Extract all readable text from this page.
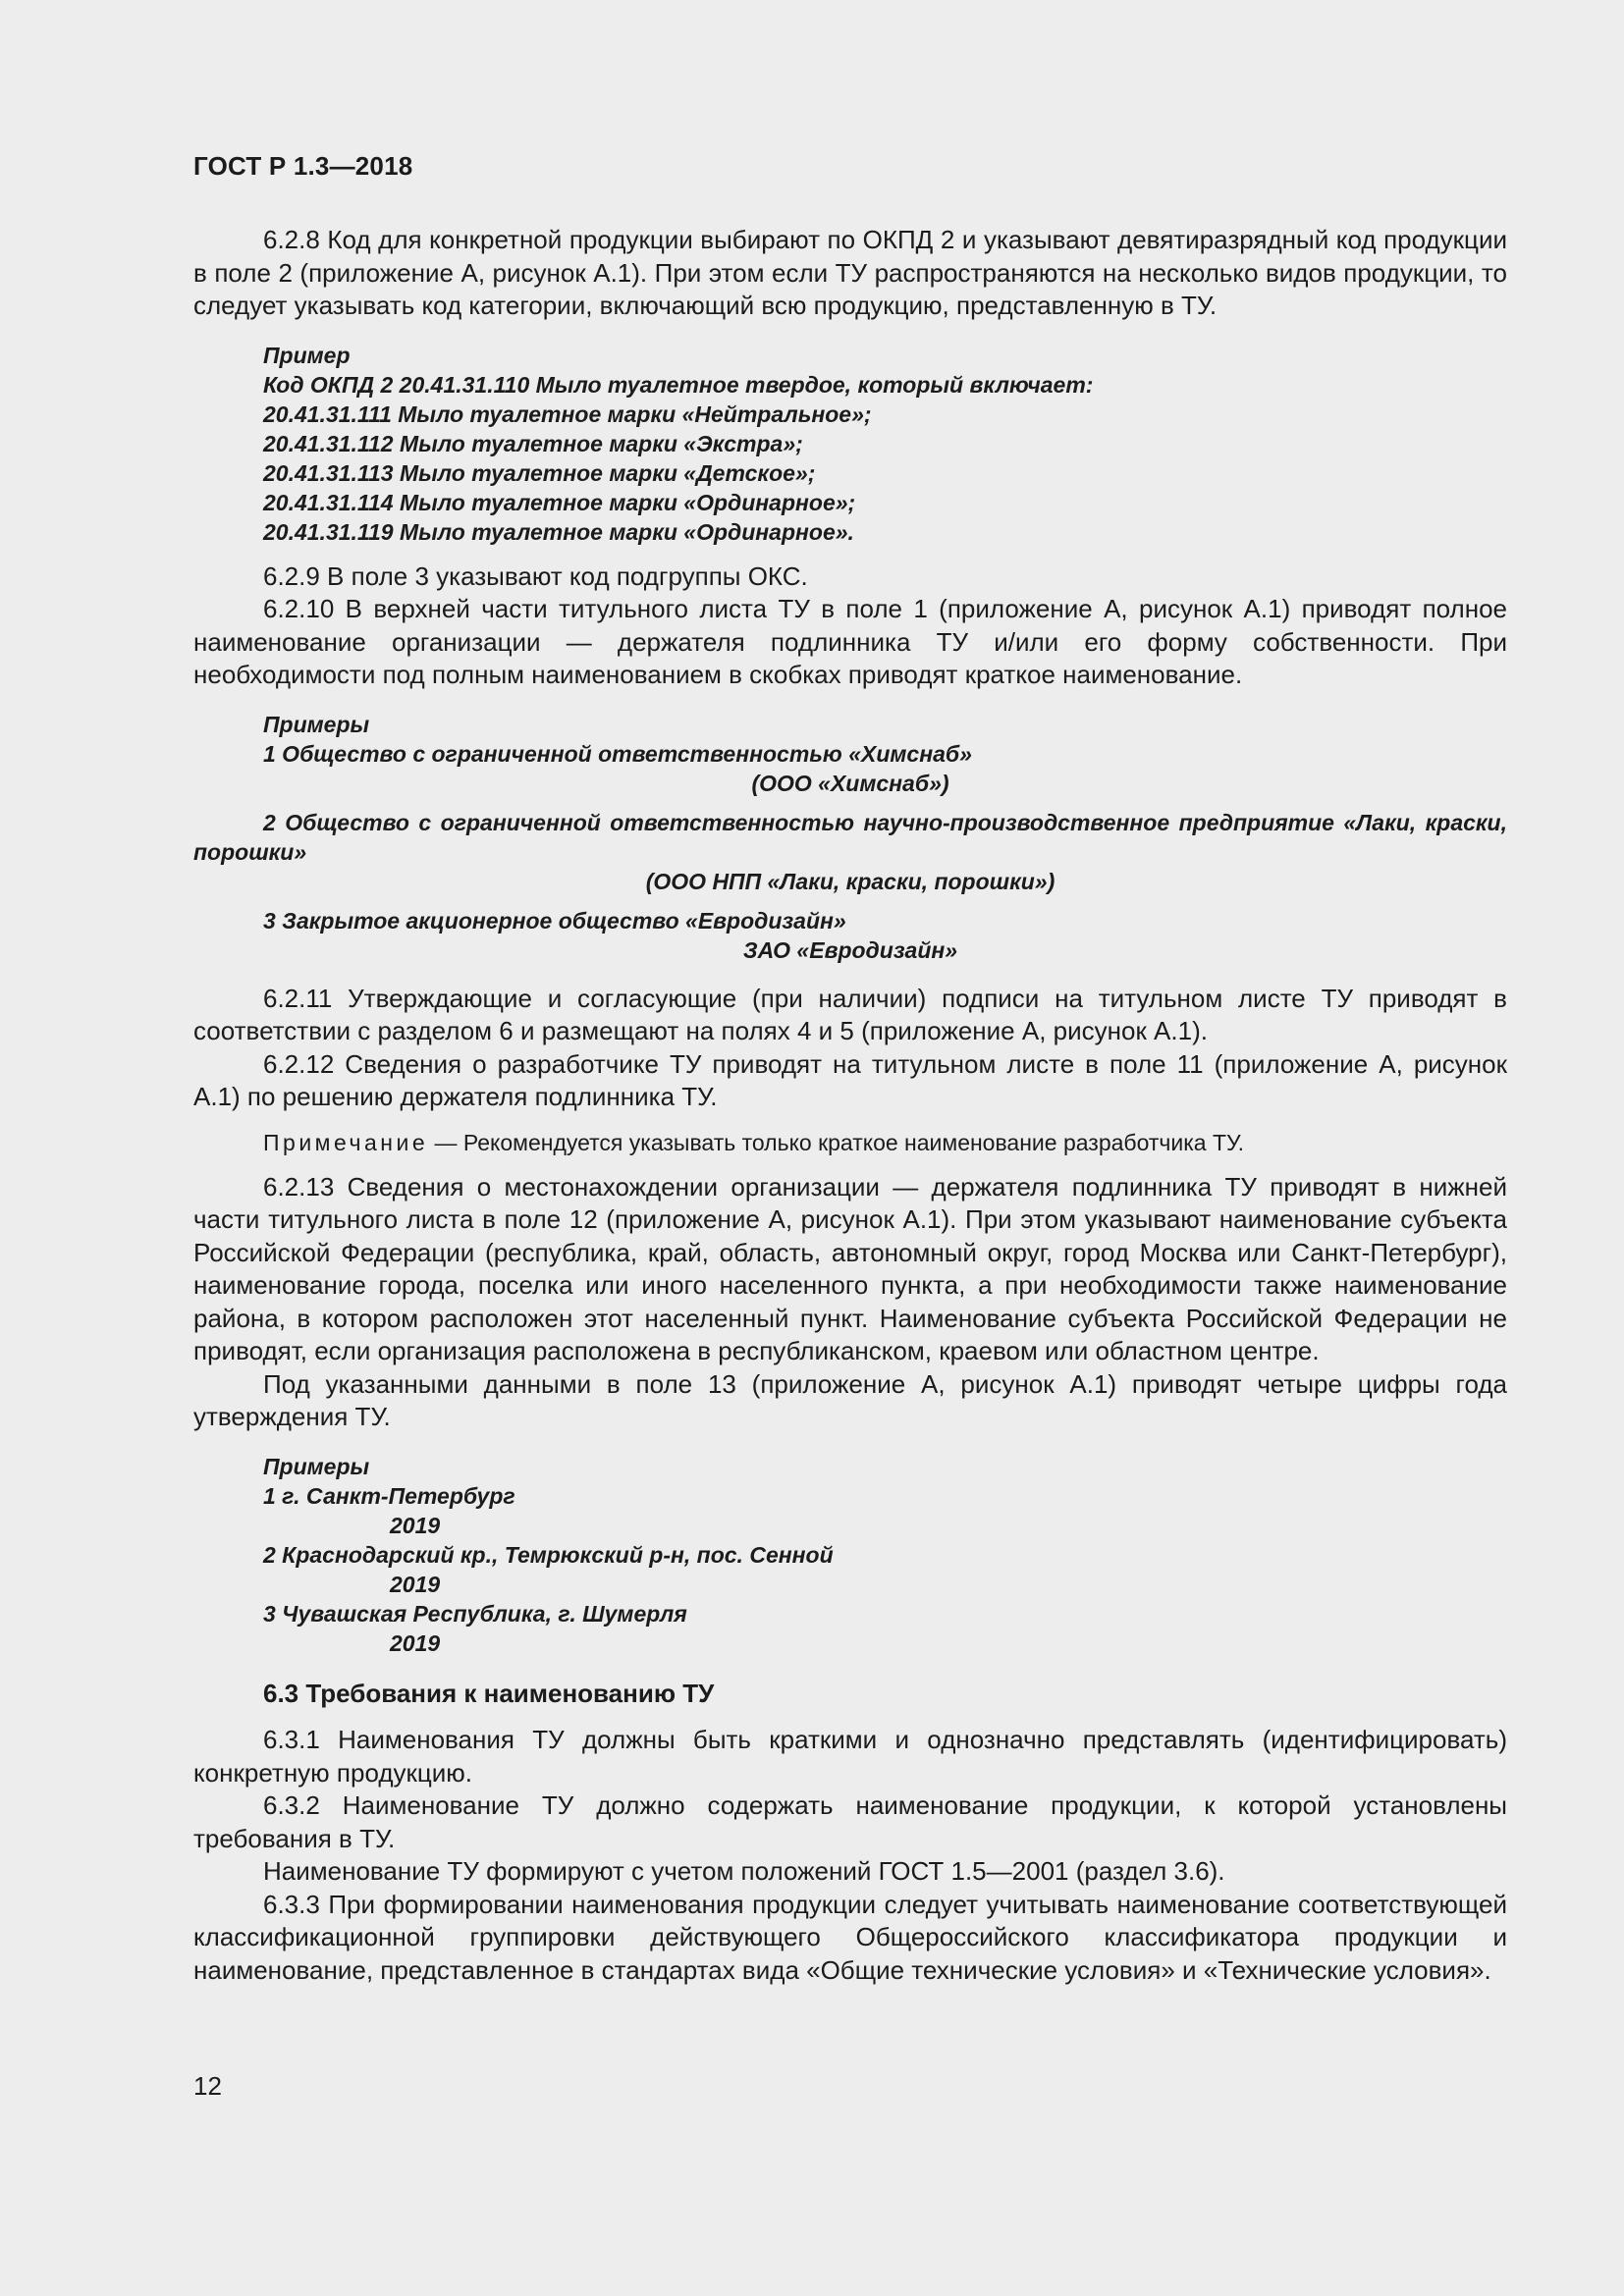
ГОСТ Р 1.3—2018

6.2.8 Код для конкретной продукции выбирают по ОКПД 2 и указывают девятиразрядный код продукции в поле 2 (приложение А, рисунок А.1). При этом если ТУ распространяются на несколько видов продукции, то следует указывать код категории, включающий всю продукцию, представленную в ТУ.

Пример

Код ОКПД 2 20.41.31.110 Мыло туалетное твердое, который включает:

20.41.31.111 Мыло туалетное марки «Нейтральное»;

20.41.31.112 Мыло туалетное марки «Экстра»;

20.41.31.113 Мыло туалетное марки «Детское»;

20.41.31.114 Мыло туалетное марки «Ординарное»;

20.41.31.119 Мыло туалетное марки «Ординарное».

6.2.9 В поле 3 указывают код подгруппы ОКС.

6.2.10 В верхней части титульного листа ТУ в поле 1 (приложение А, рисунок А.1) приводят полное наименование организации — держателя подлинника ТУ и/или его форму собственности. При необходимости под полным наименованием в скобках приводят краткое наименование.

Примеры

1 Общество с ограниченной ответственностью «Химснаб»

(ООО «Химснаб»)

2 Общество с ограниченной ответственностью научно-производственное предприятие «Лаки, краски, порошки»

(ООО НПП «Лаки, краски, порошки»)

3 Закрытое акционерное общество «Евродизайн»

ЗАО «Евродизайн»

6.2.11 Утверждающие и согласующие (при наличии) подписи на титульном листе ТУ приводят в соответствии с разделом 6 и размещают на полях 4 и 5 (приложение А, рисунок А.1).

6.2.12 Сведения о разработчике ТУ приводят на титульном листе в поле 11 (приложение А, рисунок А.1) по решению держателя подлинника ТУ.

Примечание — Рекомендуется указывать только краткое наименование разработчика ТУ.

6.2.13 Сведения о местонахождении организации — держателя подлинника ТУ приводят в нижней части титульного листа в поле 12 (приложение А, рисунок А.1). При этом указывают наименование субъекта Российской Федерации (республика, край, область, автономный округ, город Москва или Санкт-Петербург), наименование города, поселка или иного населенного пункта, а при необходимости также наименование района, в котором расположен этот населенный пункт. Наименование субъекта Российской Федерации не приводят, если организация расположена в республиканском, краевом или областном центре.

Под указанными данными в поле 13 (приложение А, рисунок А.1) приводят четыре цифры года утверждения ТУ.

Примеры

1 г. Санкт-Петербург

2019

2 Краснодарский кр., Темрюкский р-н, пос. Сенной

2019

3 Чувашская Республика, г. Шумерля

2019

6.3 Требования к наименованию ТУ

6.3.1 Наименования ТУ должны быть краткими и однозначно представлять (идентифицировать) конкретную продукцию.

6.3.2 Наименование ТУ должно содержать наименование продукции, к которой установлены требования в ТУ.

Наименование ТУ формируют с учетом положений ГОСТ 1.5—2001 (раздел 3.6).

6.3.3 При формировании наименования продукции следует учитывать наименование соответствующей классификационной группировки действующего Общероссийского классификатора продукции и наименование, представленное в стандартах вида «Общие технические условия» и «Технические условия».

12
